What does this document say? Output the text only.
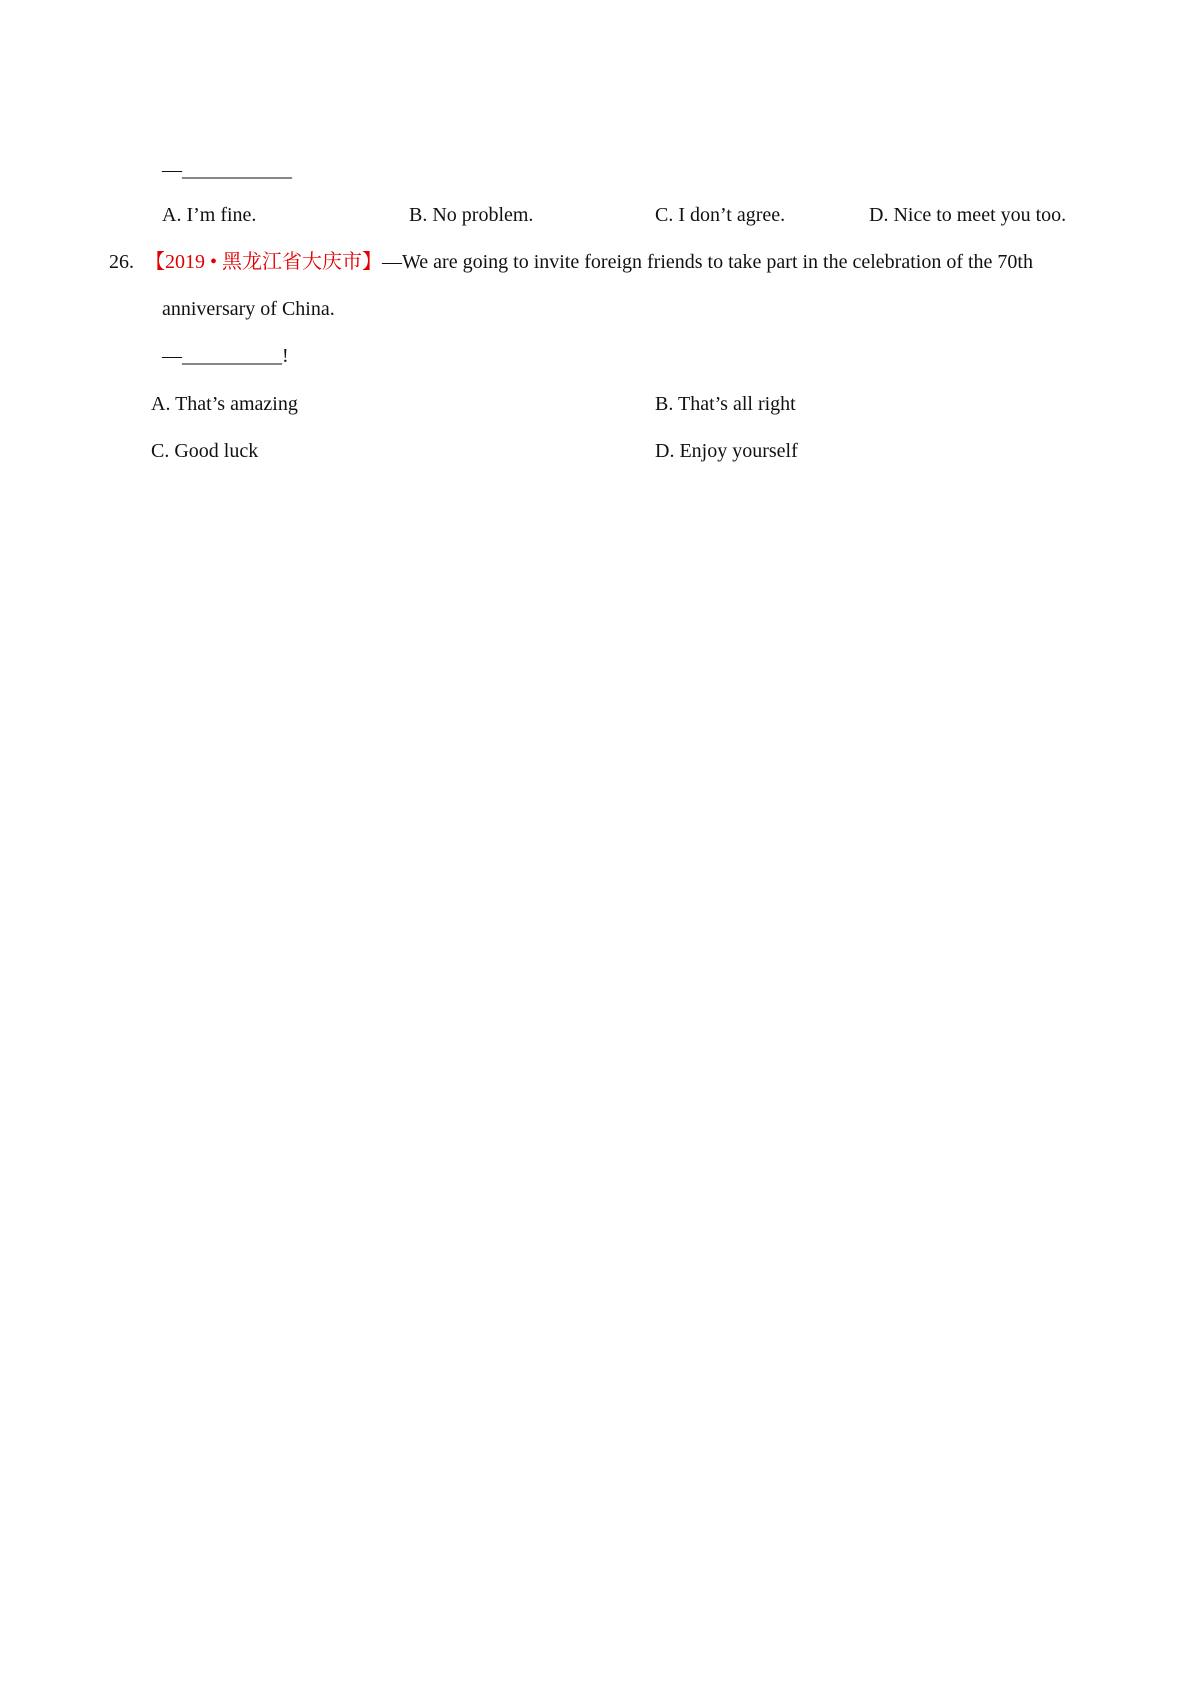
—___________
A. I’m fine.	B. No problem.	C. I don’t agree.	D. Nice to meet you too.
26. 【2019 • 黑龙江省大庆市】—We are going to invite foreign friends to take part in the celebration of the 70th
anniversary of China.
—__________!
A. That’s amazing	B. That’s all right
C. Good luck	D. Enjoy yourself
